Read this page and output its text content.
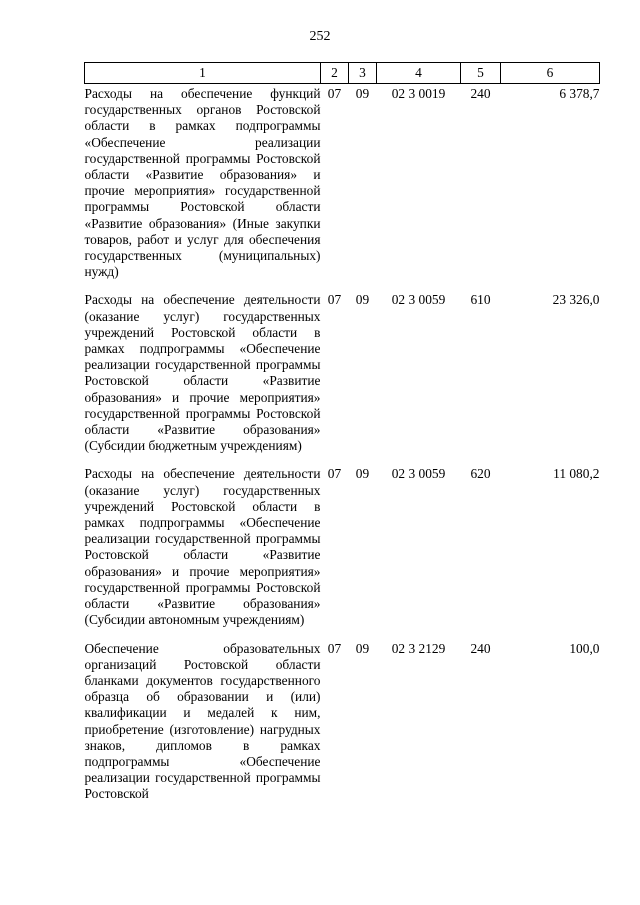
252
1	2	3	4	5	6
Расходы на обеспечение функций государственных органов Ростовской области в рамках подпрограммы «Обеспечение реализации государственной программы Ростовской области «Развитие образования» и прочие мероприятия» государственной программы Ростовской области «Развитие образования» (Иные закупки товаров, работ и услуг для обеспечения государственных (муниципальных) нужд)	07	09	02 3 0019	240	6 378,7
Расходы на обеспечение деятельности (оказание услуг) государственных учреждений Ростовской области в рамках подпрограммы «Обеспечение реализации государственной программы Ростовской области «Развитие образования» и прочие мероприятия» государственной программы Ростовской области «Развитие образования» (Субсидии бюджетным учреждениям)	07	09	02 3 0059	610	23 326,0
Расходы на обеспечение деятельности (оказание услуг) государственных учреждений Ростовской области в рамках подпрограммы «Обеспечение реализации государственной программы Ростовской области «Развитие образования» и прочие мероприятия» государственной программы Ростовской области «Развитие образования» (Субсидии автономным учреждениям)	07	09	02 3 0059	620	11 080,2
Обеспечение образовательных организаций Ростовской области бланками документов государственного образца об образовании и (или) квалификации и медалей к ним, приобретение (изготовление) нагрудных знаков, дипломов в рамках подпрограммы «Обеспечение реализации государственной программы Ростовской	07	09	02 3 2129	240	100,0
